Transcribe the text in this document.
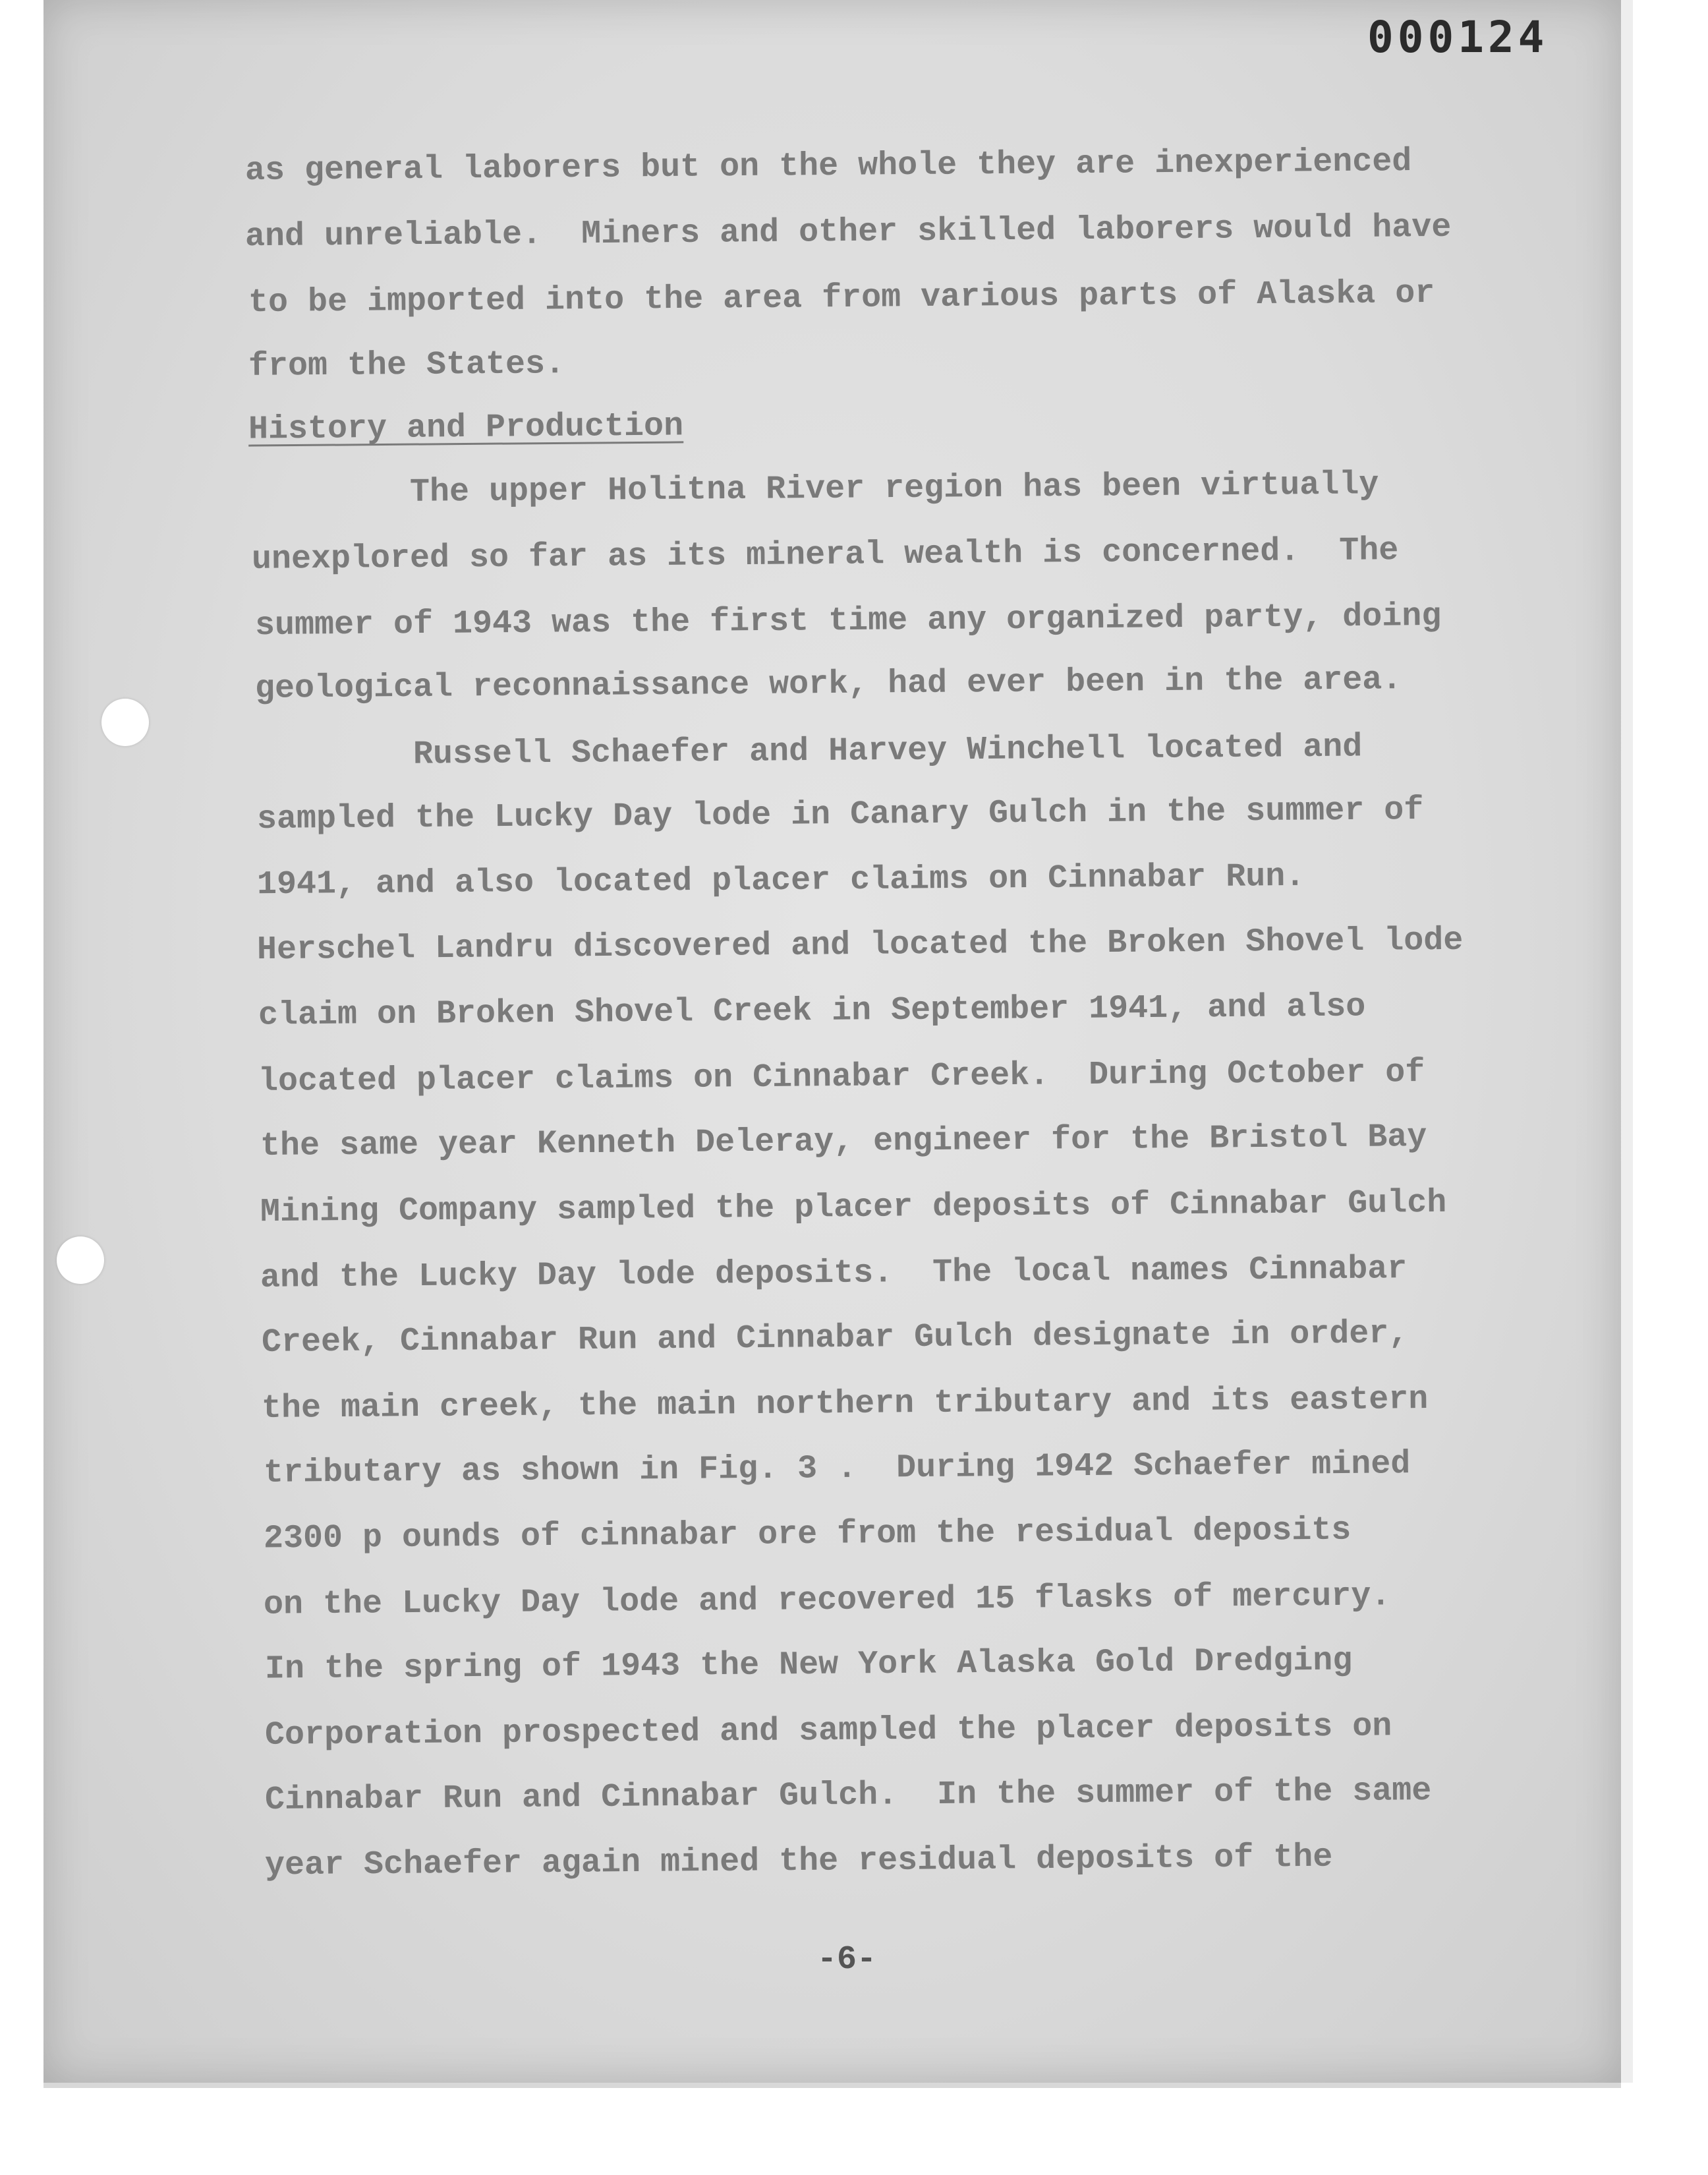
000124
as general laborers but on the whole they are inexperienced
and unreliable.  Miners and other skilled laborers would have
to be imported into the area from various parts of Alaska or
from the States.
History and Production
The upper Holitna River region has been virtually
unexplored so far as its mineral wealth is concerned.  The
summer of 1943 was the first time any organized party, doing
geological reconnaissance work, had ever been in the area.
Russell Schaefer and Harvey Winchell located and
sampled the Lucky Day lode in Canary Gulch in the summer of
1941, and also located placer claims on Cinnabar Run.
Herschel Landru discovered and located the Broken Shovel lode
claim on Broken Shovel Creek in September 1941, and also
located placer claims on Cinnabar Creek.  During October of
the same year Kenneth Deleray, engineer for the Bristol Bay
Mining Company sampled the placer deposits of Cinnabar Gulch
and the Lucky Day lode deposits.  The local names Cinnabar
Creek, Cinnabar Run and Cinnabar Gulch designate in order,
the main creek, the main northern tributary and its eastern
tributary as shown in Fig. 3 .  During 1942 Schaefer mined
2300 p ounds of cinnabar ore from the residual deposits
on the Lucky Day lode and recovered 15 flasks of mercury.
In the spring of 1943 the New York Alaska Gold Dredging
Corporation prospected and sampled the placer deposits on
Cinnabar Run and Cinnabar Gulch.  In the summer of the same
year Schaefer again mined the residual deposits of the
-6-
